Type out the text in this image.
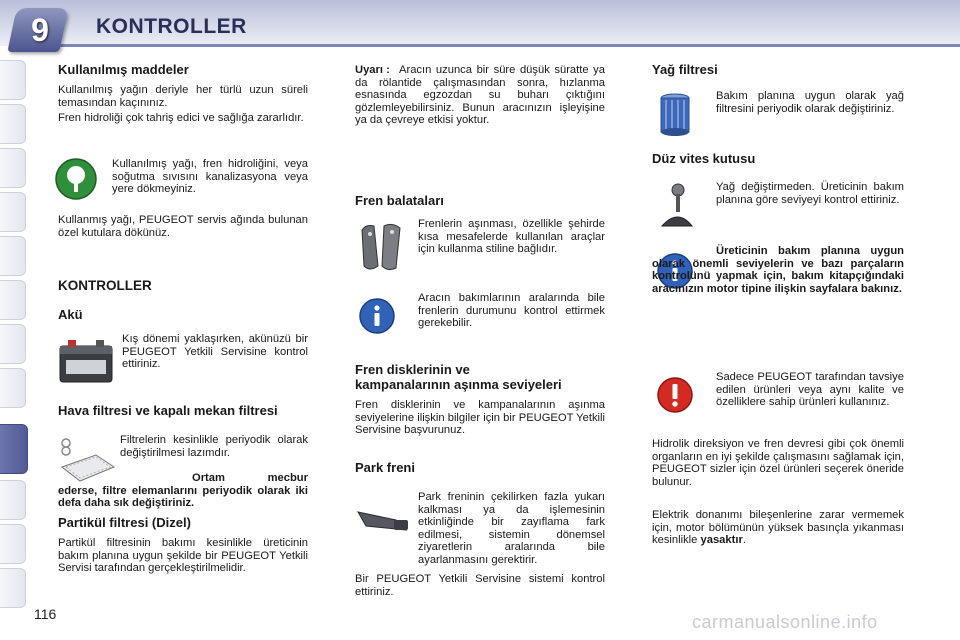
9	KONTROLLER
Kullanılmış maddeler
Kullanılmış yağın deriyle her türlü uzun süreli temasından kaçınınız.
Fren hidroliği çok tahriş edici ve sağlığa zararlıdır.
Kullanılmış yağı, fren hidroliğini, veya soğutma sıvısını kanalizasyona veya yere dökmeyiniz.
Kullanmış yağı, PEUGEOT servis ağında bulunan özel kutulara dökünüz.
KONTROLLER
Akü
Kış dönemi yaklaşırken, akünüzü bir PEUGEOT Yetkili Servisine kontrol ettiriniz.
Hava filtresi ve kapalı mekan filtresi
Filtrelerin kesinlikle periyodik olarak değiştirilmesi lazımdır.
Ortam mecbur ederse, filtre elemanlarını periyodik olarak iki defa daha sık değiştiriniz.
Partikül filtresi (Dizel)
Partikül filtresinin bakımı kesinlikle üreticinin bakım planına uygun şekilde bir PEUGEOT Yetkili Servisi tarafından gerçekleştirilmelidir.
Aracın uzunca bir süre düşük süratte ya da rölantide çalışmasından sonra, hızlanma esnasında egzozdan su buharı çıktığını gözlemleyebilirsiniz. Bunun aracınızın işleyişine ya da çevreye etkisi yoktur.
Uyarı :
Fren balataları
Frenlerin aşınması, özellikle şehirde kısa mesafelerde kullanılan araçlar için kullanma stiline bağlıdır.
Aracın bakımlarının aralarında bile frenlerin durumunu kontrol ettirmek gerekebilir.
Fren disklerinin ve
kampanalarının aşınma seviyeleri
Fren disklerinin ve kampanalarının aşınma seviyelerine ilişkin bilgiler için bir PEUGEOT Yetkili Servisine başvurunuz.
Park freni
Park freninin çekilirken fazla yukarı kalkması ya da işlemesinin etkinliğinde bir zayıflama fark edilmesi, sistemin dönemsel ziyaretlerin aralarında bile ayarlanmasını gerektirir.
Bir PEUGEOT Yetkili Servisine sistemi kontrol ettiriniz.
Yağ filtresi
Bakım planına uygun olarak yağ filtresini periyodik olarak değiştiriniz.
Düz vites kutusu
Yağ değiştirmeden. Üreticinin bakım planına göre seviyeyi kontrol ettiriniz.
Üreticinin bakım planına uygun olarak önemli seviyelerin ve bazı parçaların kontrolünü yapmak için, bakım kitapçığındaki aracınızın motor tipine ilişkin sayfalara bakınız.
Sadece PEUGEOT tarafından tavsiye edilen ürünleri veya aynı kalite ve özelliklere sahip ürünleri kullanınız.
Hidrolik direksiyon ve fren devresi gibi çok önemli organların en iyi şekilde çalışmasını sağlamak için, PEUGEOT sizler için özel ürünleri seçerek öneride bulunur.
Elektrik donanımı bileşenlerine zarar vermemek için, motor bölümünün yüksek basınçla yıkanması kesinlikle yasaktır.
116	carmanualsonline.info
